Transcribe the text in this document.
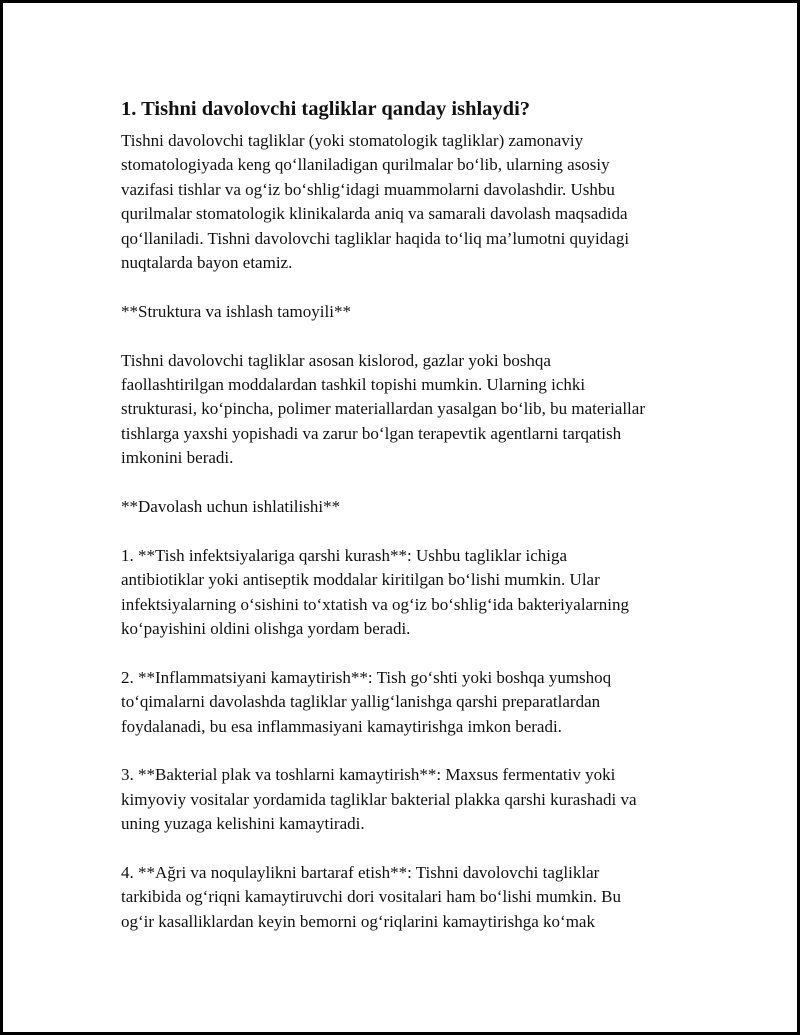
1. Tishni davolovchi tagliklar qanday ishlaydi?

Tishni davolovchi tagliklar (yoki stomatologik tagliklar) zamonaviy
stomatologiyada keng qo‘llaniladigan qurilmalar bo‘lib, ularning asosiy
vazifasi tishlar va og‘iz bo‘shlig‘idagi muammolarni davolashdir. Ushbu
qurilmalar stomatologik klinikalarda aniq va samarali davolash maqsadida
qo‘llaniladi. Tishni davolovchi tagliklar haqida to‘liq ma’lumotni quyidagi
nuqtalarda bayon etamiz.

**Struktura va ishlash tamoyili**

Tishni davolovchi tagliklar asosan kislorod, gazlar yoki boshqa
faollashtirilgan moddalardan tashkil topishi mumkin. Ularning ichki
strukturasi, ko‘pincha, polimer materiallardan yasalgan bo‘lib, bu materiallar
tishlarga yaxshi yopishadi va zarur bo‘lgan terapevtik agentlarni tarqatish
imkonini beradi.

**Davolash uchun ishlatilishi**

1. **Tish infektsiyalariga qarshi kurash**: Ushbu tagliklar ichiga
antibiotiklar yoki antiseptik moddalar kiritilgan bo‘lishi mumkin. Ular
infektsiyalarning o‘sishini to‘xtatish va og‘iz bo‘shlig‘ida bakteriyalarning
ko‘payishini oldini olishga yordam beradi.

2. **Inflammatsiyani kamaytirish**: Tish go‘shti yoki boshqa yumshoq
to‘qimalarni davolashda tagliklar yallig‘lanishga qarshi preparatlardan
foydalanadi, bu esa inflammasiyani kamaytirishga imkon beradi.

3. **Bakterial plak va toshlarni kamaytirish**: Maxsus fermentativ yoki
kimyoviy vositalar yordamida tagliklar bakterial plakka qarshi kurashadi va
uning yuzaga kelishini kamaytiradi.

4. **Ağri va noqulaylikni bartaraf etish**: Tishni davolovchi tagliklar
tarkibida og‘riqni kamaytiruvchi dori vositalari ham bo‘lishi mumkin. Bu
og‘ir kasalliklardan keyin bemorni og‘riqlarini kamaytirishga ko‘mak
